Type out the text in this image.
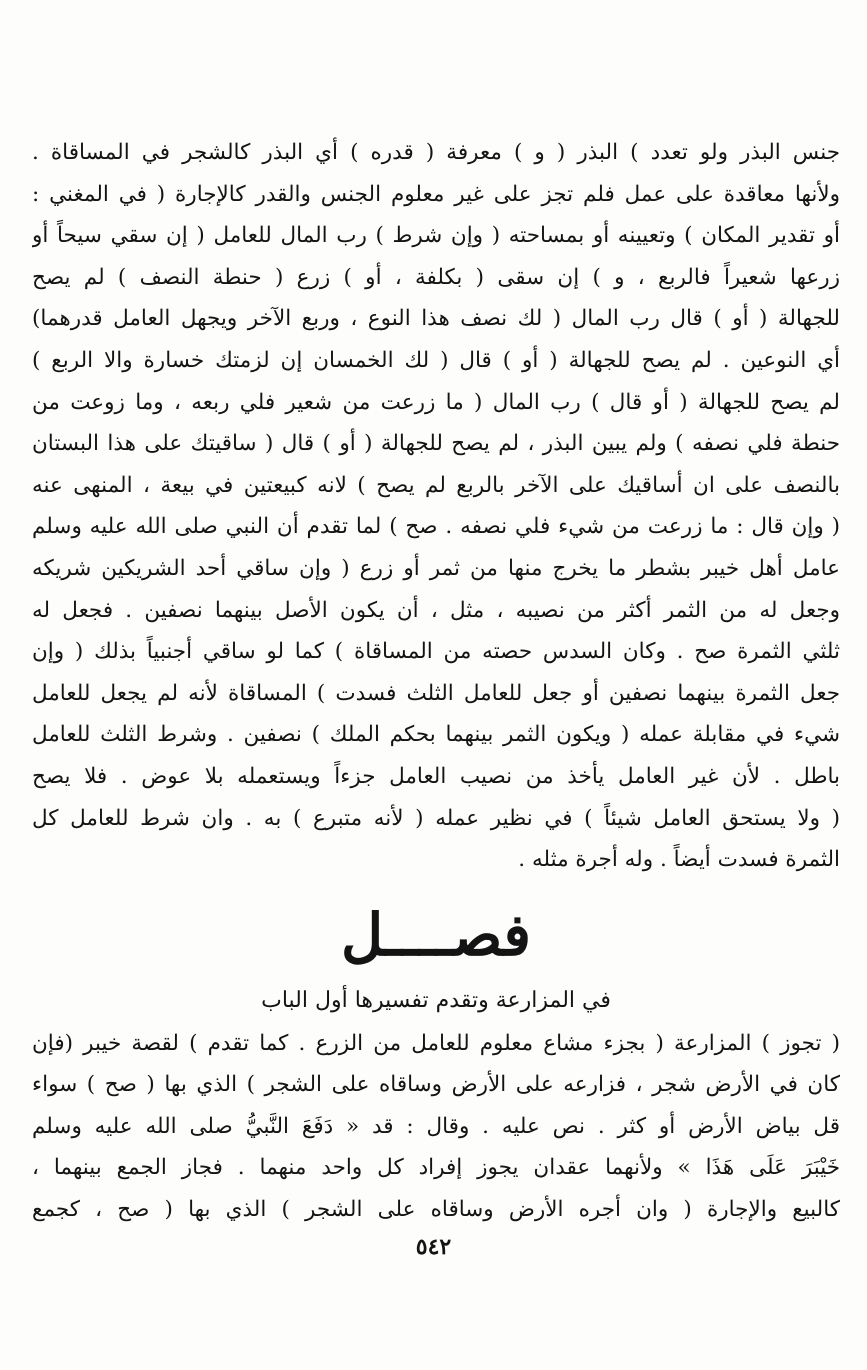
جنس البذر ولو تعدد ) البذر ( و ) معرفة ( قدره ) أي البذر كالشجر في المساقاة .
ولأنها معاقدة على عمل فلم تجز على غير معلوم الجنس والقدر كالإجارة ( في المغني :
أو تقدير المكان ) وتعيينه أو بمساحته ( وإن شرط ) رب المال للعامل ( إن سقي سيحاً أو
زرعها شعيراً فالربع ، و ) إن سقى ( بكلفة ، أو ) زرع ( حنطة النصف ) لم يصح
للجهالة ( أو ) قال رب المال ( لك نصف هذا النوع ، وربع الآخر ويجهل العامل قدرهما)
أي النوعين . لم يصح للجهالة ( أو ) قال ( لك الخمسان إن لزمتك خسارة والا الربع )
لم يصح للجهالة ( أو قال ) رب المال ( ما زرعت من شعير فلي ربعه ، وما زوعت من
حنطة فلي نصفه ) ولم يبين البذر ، لم يصح للجهالة ( أو ) قال ( ساقيتك على هذا البستان
بالنصف على ان أساقيك على الآخر بالربع لم يصح ) لانه كبيعتين في بيعة ، المنهى عنه
( وإن قال : ما زرعت من شيء فلي نصفه . صح ) لما تقدم أن النبي صلى الله عليه وسلم
عامل أهل خيبر بشطر ما يخرج منها من ثمر أو زرع ( وإن ساقي أحد الشريكين شريكه
وجعل له من الثمر أكثر من نصيبه ، مثل ، أن يكون الأصل بينهما نصفين . فجعل له
ثلثي الثمرة صح . وكان السدس حصته من المساقاة ) كما لو ساقي أجنبياً بذلك ( وإن
جعل الثمرة بينهما نصفين أو جعل للعامل الثلث فسدت ) المساقاة لأنه لم يجعل للعامل
شيء في مقابلة عمله ( ويكون الثمر بينهما بحكم الملك ) نصفين . وشرط الثلث للعامل
باطل . لأن غير العامل يأخذ من نصيب العامل جزءاً ويستعمله بلا عوض . فلا يصح
( ولا يستحق العامل شيئاً ) في نظير عمله ( لأنه متبرع ) به . وان شرط للعامل كل
الثمرة فسدت أيضاً . وله أجرة مثله .
فصــــل
في المزارعة وتقدم تفسيرها أول الباب
( تجوز ) المزارعة ( بجزء مشاع معلوم للعامل من الزرع . كما تقدم ) لقصة خيبر (فإن
كان في الأرض شجر ، فزارعه على الأرض وساقاه على الشجر ) الذي بها ( صح ) سواء
قل بياض الأرض أو كثر . نص عليه . وقال : قد « دَفَعَ النَّبيُّ صلى الله عليه وسلم
خَيْبَرَ عَلَى هَذَا » ولأنهما عقدان يجوز إفراد كل واحد منهما . فجاز الجمع بينهما ،
كالبيع والإجارة ( وان أجره الأرض وساقاه على الشجر ) الذي بها ( صح ، كجمع
٥٤٢
